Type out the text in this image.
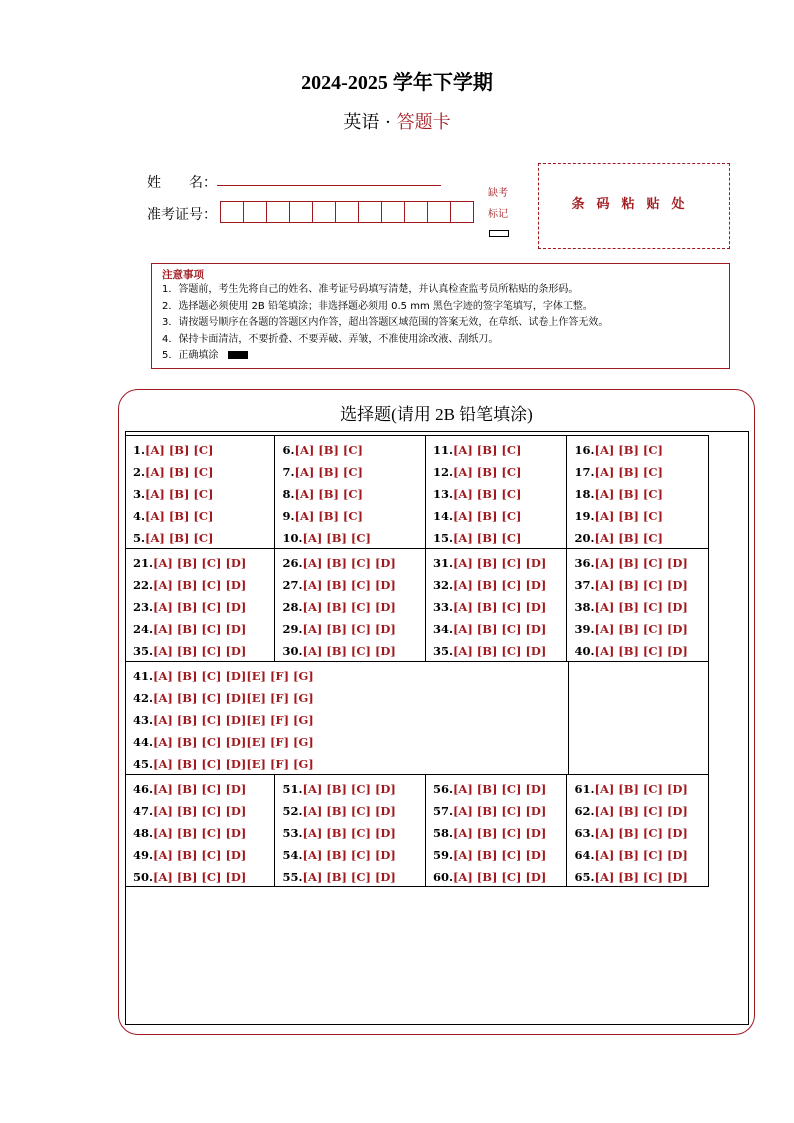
2024-2025 学年下学期
英语 · 答题卡
姓　　名：
准考证号：
缺考
标记
条码粘贴处
注意事项
1．答题前，考生先将自己的姓名、准考证号码填写清楚，并认真检查监考员所粘贴的条形码。
2．选择题必须使用 2B 铅笔填涂；非选择题必须用 0.5 mm 黑色字迹的签字笔填写，字体工整。
3．请按题号顺序在各题的答题区内作答，超出答题区域范围的答案无效，在草纸、试卷上作答无效。
4．保持卡面清洁，不要折叠、不要弄破、弄皱，不准使用涂改液、刮纸刀。
5．正确填涂
选择题(请用 2B 铅笔填涂)
1.[A] [B] [C]
2.[A] [B] [C]
3.[A] [B] [C]
4.[A] [B] [C]
5.[A] [B] [C]
6.[A] [B] [C]
7.[A] [B] [C]
8.[A] [B] [C]
9.[A] [B] [C]
10.[A] [B] [C]
11.[A] [B] [C]
12.[A] [B] [C]
13.[A] [B] [C]
14.[A] [B] [C]
15.[A] [B] [C]
16.[A] [B] [C]
17.[A] [B] [C]
18.[A] [B] [C]
19.[A] [B] [C]
20.[A] [B] [C]
21.[A] [B] [C] [D]
22.[A] [B] [C] [D]
23.[A] [B] [C] [D]
24.[A] [B] [C] [D]
35.[A] [B] [C] [D]
26.[A] [B] [C] [D]
27.[A] [B] [C] [D]
28.[A] [B] [C] [D]
29.[A] [B] [C] [D]
30.[A] [B] [C] [D]
31.[A] [B] [C] [D]
32.[A] [B] [C] [D]
33.[A] [B] [C] [D]
34.[A] [B] [C] [D]
35.[A] [B] [C] [D]
36.[A] [B] [C] [D]
37.[A] [B] [C] [D]
38.[A] [B] [C] [D]
39.[A] [B] [C] [D]
40.[A] [B] [C] [D]
41.[A] [B] [C] [D][E] [F] [G]
42.[A] [B] [C] [D][E] [F] [G]
43.[A] [B] [C] [D][E] [F] [G]
44.[A] [B] [C] [D][E] [F] [G]
45.[A] [B] [C] [D][E] [F] [G]
46.[A] [B] [C] [D]
47.[A] [B] [C] [D]
48.[A] [B] [C] [D]
49.[A] [B] [C] [D]
50.[A] [B] [C] [D]
51.[A] [B] [C] [D]
52.[A] [B] [C] [D]
53.[A] [B] [C] [D]
54.[A] [B] [C] [D]
55.[A] [B] [C] [D]
56.[A] [B] [C] [D]
57.[A] [B] [C] [D]
58.[A] [B] [C] [D]
59.[A] [B] [C] [D]
60.[A] [B] [C] [D]
61.[A] [B] [C] [D]
62.[A] [B] [C] [D]
63.[A] [B] [C] [D]
64.[A] [B] [C] [D]
65.[A] [B] [C] [D]
